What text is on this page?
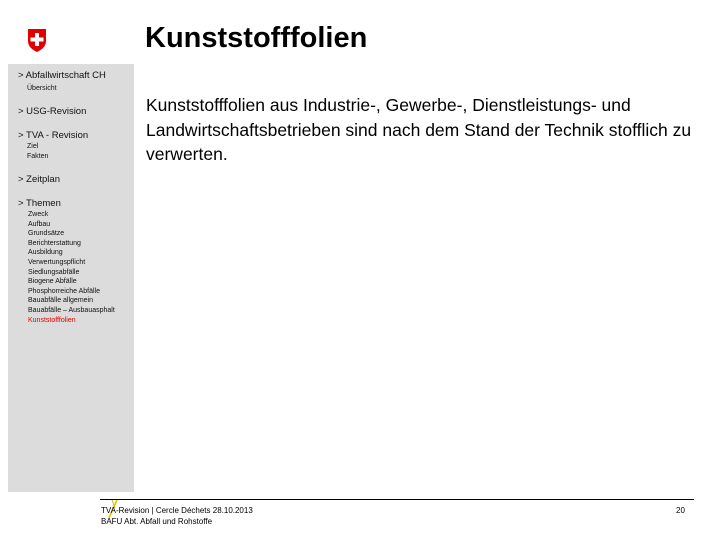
Kunststofffolien
> Abfallwirtschaft CH
Übersicht
> USG-Revision
> TVA - Revision
Ziel
Fakten
> Zeitplan
> Themen
Zweck
Aufbau
Grundsätze
Berichterstattung
Ausbildung
Verwertungspflicht
Siedlungsabfälle
Biogene Abfälle
Phosphorreiche Abfälle
Bauabfälle allgemein
Bauabfälle – Ausbauasphalt
Kunststofffolien
Kunststofffolien aus Industrie-, Gewerbe-, Dienstleistungs- und Landwirtschaftsbetrieben sind nach dem Stand der Technik stofflich zu verwerten.
TVA-Revision | Cercle Déchets 28.10.2013
BAFU Abt. Abfall und Rohstoffe
20
